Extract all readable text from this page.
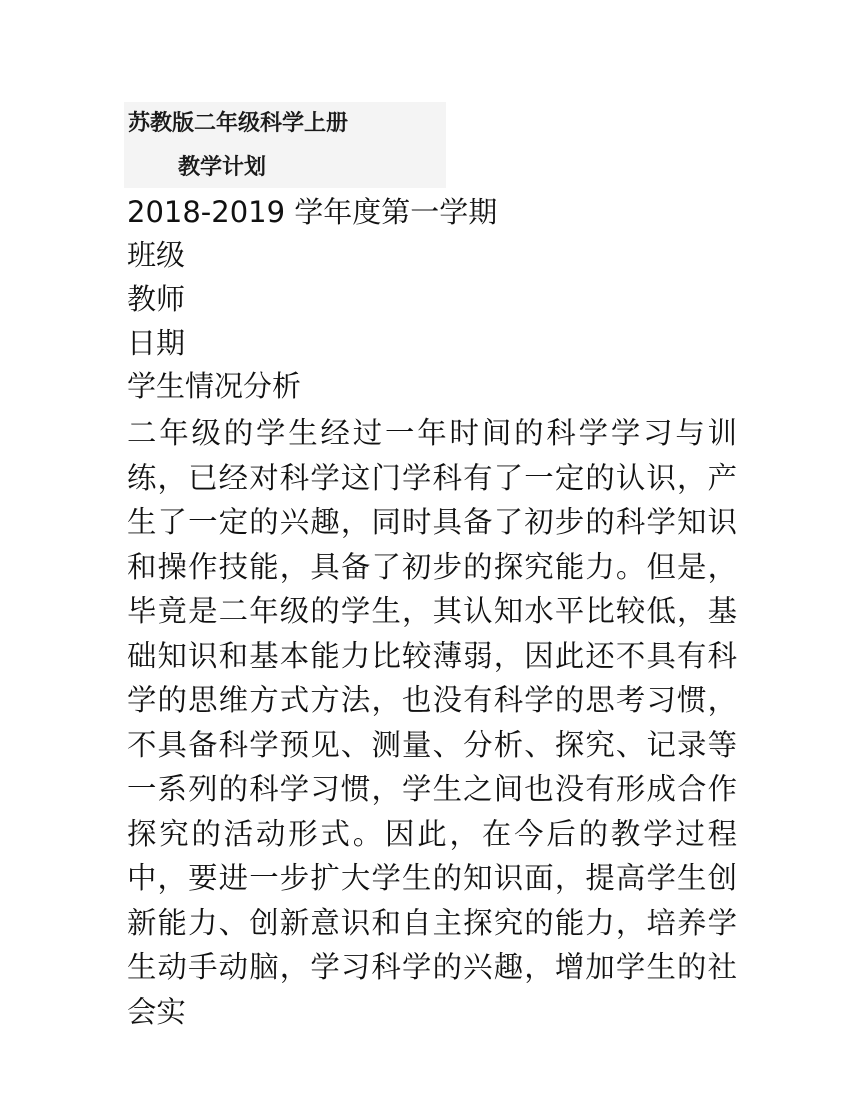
苏教版二年级科学上册
教学计划
2018-2019 学年度第一学期
班级
教师
日期
学生情况分析
二年级的学生经过一年时间的科学学习与训练，已经对科学这门学科有了一定的认识，产生了一定的兴趣，同时具备了初步的科学知识和操作技能，具备了初步的探究能力。但是，毕竟是二年级的学生，其认知水平比较低，基础知识和基本能力比较薄弱，因此还不具有科学的思维方式方法，也没有科学的思考习惯，不具备科学预见、测量、分析、探究、记录等一系列的科学习惯，学生之间也没有形成合作探究的活动形式。因此，在今后的教学过程中，要进一步扩大学生的知识面，提高学生创新能力、创新意识和自主探究的能力，培养学生动手动脑，学习科学的兴趣，增加学生的社会实
